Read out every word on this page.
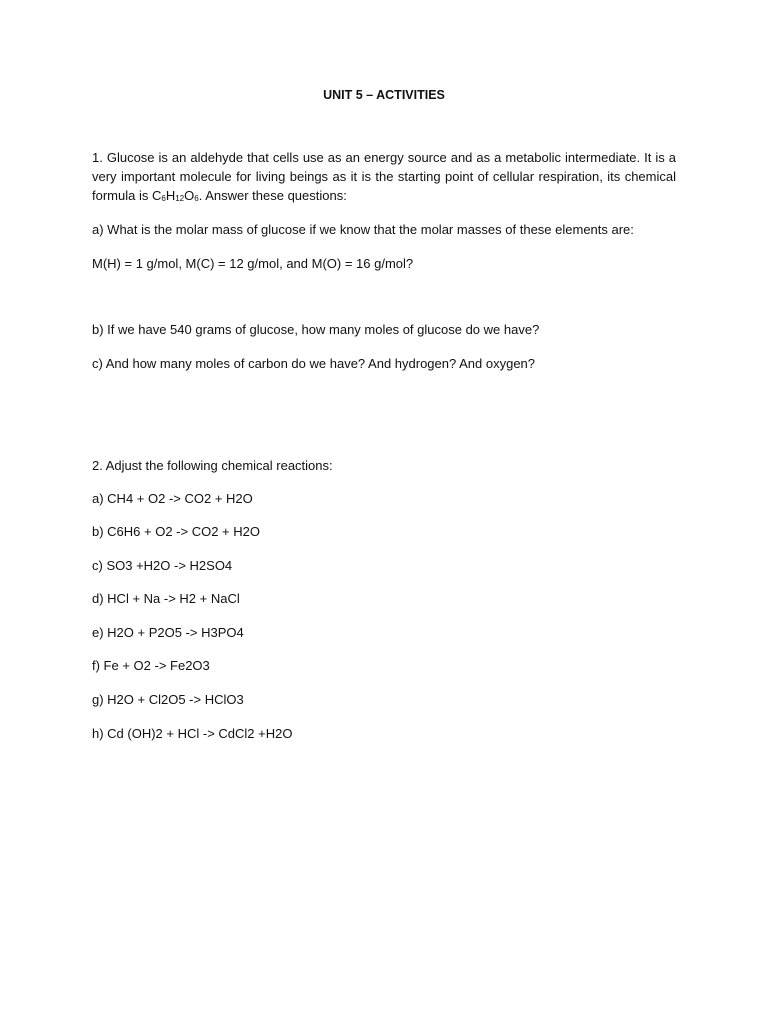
UNIT 5 – ACTIVITIES
1. Glucose is an aldehyde that cells use as an energy source and as a metabolic intermediate. It is a very important molecule for living beings as it is the starting point of cellular respiration, its chemical formula is $C_6H_{12}O_6$. Answer these questions:
a) What is the molar mass of glucose if we know that the molar masses of these elements are:
M(H) = 1 g/mol, M(C) = 12 g/mol, and M(O) = 16 g/mol?
b) If we have 540 grams of glucose, how many moles of glucose do we have?
c) And how many moles of carbon do we have? And hydrogen? And oxygen?
2. Adjust the following chemical reactions:
a) CH4 + O2 -> CO2 + H2O
b) C6H6 + O2 -> CO2 + H2O
c) SO3 +H2O -> H2SO4
d) HCl + Na -> H2 + NaCl
e) H2O + P2O5 -> H3PO4
f) Fe + O2 -> Fe2O3
g) H2O + Cl2O5 -> HClO3
h) Cd (OH)2 + HCl -> CdCl2 +H2O
